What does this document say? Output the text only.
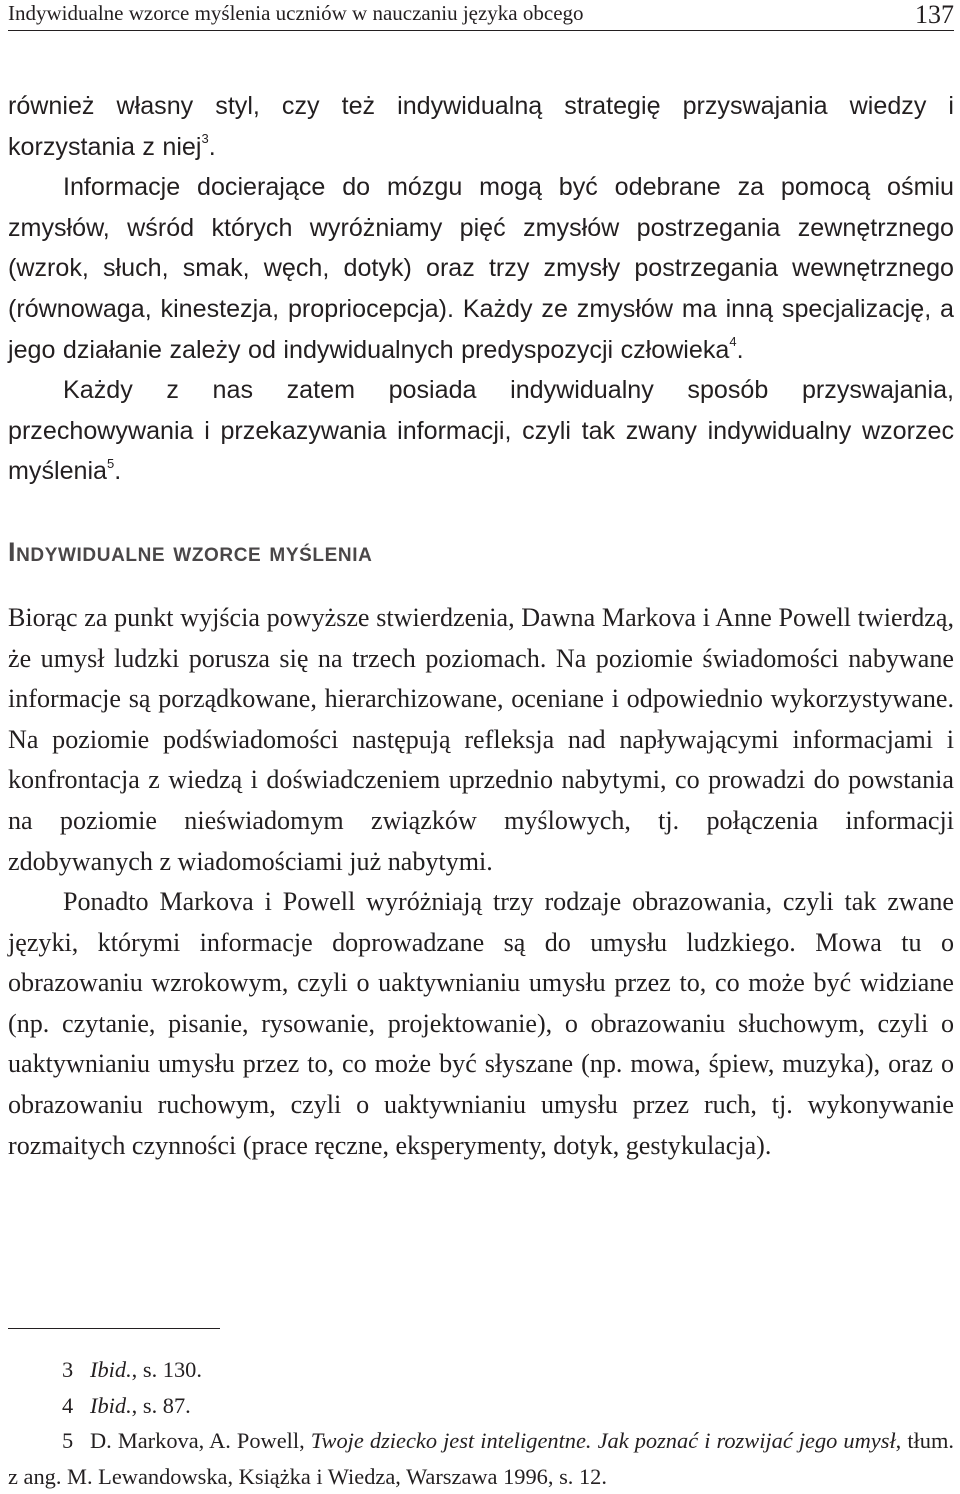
Indywidualne wzorce myślenia uczniów w nauczaniu języka obcego	137

również własny styl, czy też indywidualną strategię przyswajania wiedzy i korzystania z niej$^3$.

Informacje docierające do mózgu mogą być odebrane za pomocą ośmiu zmysłów, wśród których wyróżniamy pięć zmysłów postrzegania zewnętrznego (wzrok, słuch, smak, węch, dotyk) oraz trzy zmysły postrzegania wewnętrznego (równowaga, kinestezja, propriocepcja). Każdy ze zmysłów ma inną specjalizację, a jego działanie zależy od indywidualnych predyspozycji człowieka$^4$.

Każdy z nas zatem posiada indywidualny sposób przyswajania, przechowywania i przekazywania informacji, czyli tak zwany indywidualny wzorzec myślenia$^5$.

Indywidualne wzorce myślenia

Biorąc za punkt wyjścia powyższe stwierdzenia, Dawna Markova i Anne Powell twierdzą, że umysł ludzki porusza się na trzech poziomach. Na poziomie świadomości nabywane informacje są porządkowane, hierarchizowane, oceniane i odpowiednio wykorzystywane. Na poziomie podświadomości następują refleksja nad napływającymi informacjami i konfrontacja z wiedzą i doświadczeniem uprzednio nabytymi, co prowadzi do powstania na poziomie nieświadomym związków myślowych, tj. połączenia informacji zdobywanych z wiadomościami już nabytymi.

Ponadto Markova i Powell wyróżniają trzy rodzaje obrazowania, czyli tak zwane języki, którymi informacje doprowadzane są do umysłu ludzkiego. Mowa tu o obrazowaniu wzrokowym, czyli o uaktywnianiu umysłu przez to, co może być widziane (np. czytanie, pisanie, rysowanie, projektowanie), o obrazowaniu słuchowym, czyli o uaktywnianiu umysłu przez to, co może być słyszane (np. mowa, śpiew, muzyka), oraz o obrazowaniu ruchowym, czyli o uaktywnianiu umysłu przez ruch, tj. wykonywanie rozmaitych czynności (prace ręczne, eksperymenty, dotyk, gestykulacja).

3 Ibid., s. 130.

4 Ibid., s. 87.

5 D. Markova, A. Powell, Twoje dziecko jest inteligentne. Jak poznać i rozwijać jego umysł, tłum. z ang. M. Lewandowska, Książka i Wiedza, Warszawa 1996, s. 12.
